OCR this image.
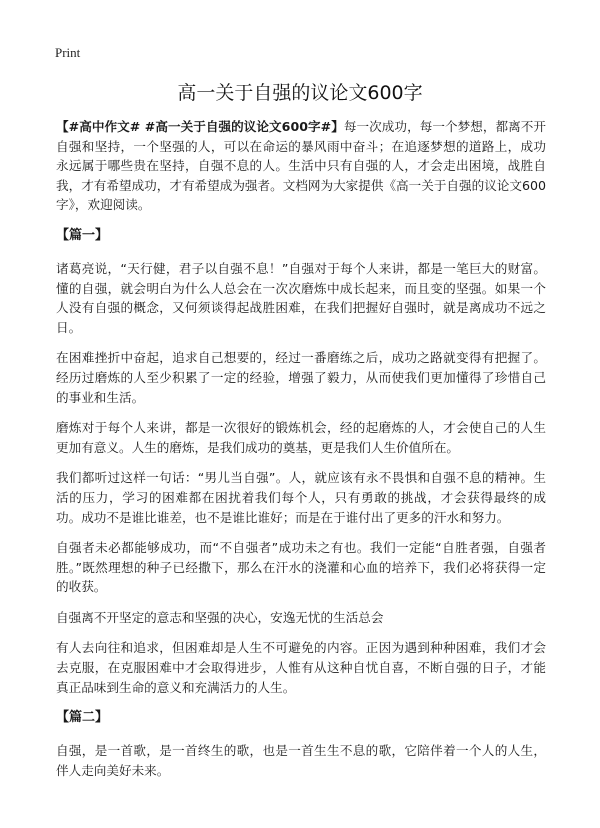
Print
高一关于自强的议论文600字

【#高中作文# #高一关于自强的议论文600字#】每一次成功，每一个梦想，都离不开自强和坚持，一个坚强的人，可以在命运的暴风雨中奋斗；在追逐梦想的道路上，成功永远属于哪些贵在坚持，自强不息的人。生活中只有自强的人，才会走出困境，战胜自我，才有希望成功，才有希望成为强者。文档网为大家提供《高一关于自强的议论文600字》，欢迎阅读。

【篇一】

诸葛亮说，“天行健，君子以自强不息！”自强对于每个人来讲，都是一笔巨大的财富。懂的自强，就会明白为什么人总会在一次次磨炼中成长起来，而且变的坚强。如果一个人没有自强的概念，又何须谈得起战胜困难，在我们把握好自强时，就是离成功不远之日。

在困难挫折中奋起，追求自己想要的，经过一番磨练之后，成功之路就变得有把握了。经历过磨炼的人至少积累了一定的经验，增强了毅力，从而使我们更加懂得了珍惜自己的事业和生活。

磨炼对于每个人来讲，都是一次很好的锻炼机会，经的起磨炼的人，才会使自己的人生更加有意义。人生的磨炼，是我们成功的奠基，更是我们人生价值所在。

我们都听过这样一句话：“男儿当自强”。人，就应该有永不畏惧和自强不息的精神。生活的压力，学习的困难都在困扰着我们每个人，只有勇敢的挑战，才会获得最终的成功。成功不是谁比谁差，也不是谁比谁好；而是在于谁付出了更多的汗水和努力。

自强者未必都能够成功，而“不自强者”成功未之有也。我们一定能“自胜者强，自强者胜。”既然理想的种子已经撒下，那么在汗水的浇灌和心血的培养下，我们必将获得一定的收获。

自强离不开坚定的意志和坚强的决心，安逸无忧的生活总会

有人去向往和追求，但困难却是人生不可避免的内容。正因为遇到种种困难，我们才会去克服，在克服困难中才会取得进步，人惟有从这种自忧自喜，不断自强的日子，才能真正品味到生命的意义和充满活力的人生。

【篇二】

自强，是一首歌，是一首终生的歌，也是一首生生不息的歌，它陪伴着一个人的人生，伴人走向美好未来。
